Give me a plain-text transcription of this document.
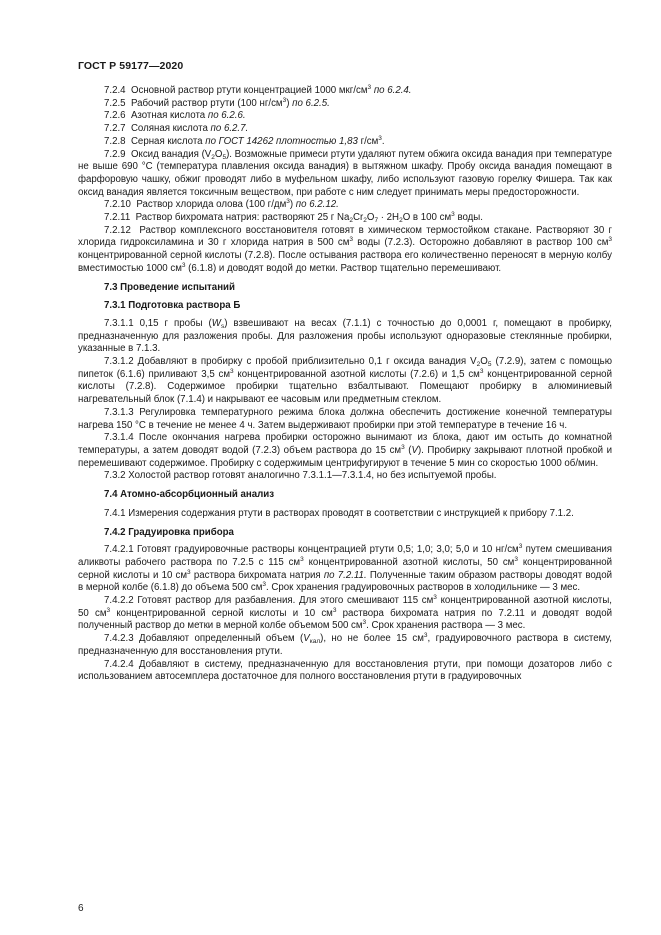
ГОСТ Р 59177—2020

7.2.4 Основной раствор ртути концентрацией 1000 мкг/$см^3$ по 6.2.4.

7.2.5 Рабочий раствор ртути (100 $нг/см^3$) по 6.2.5.

7.2.6 Азотная кислота по 6.2.6.

7.2.7 Соляная кислота по 6.2.7.

7.2.8 Серная кислота по ГОСТ 14262 плотностью 1,83 $г/см^3$.

7.2.9 Оксид ванадия $(V_2O_5)$. Возможные примеси ртути удаляют путем обжига оксида ванадия при температуре не выше 690 °С (температура плавления оксида ванадия) в вытяжном шкафу. Пробу оксида ванадия помещают в фарфоровую чашку, обжиг проводят либо в муфельном шкафу, либо используют газовую горелку Фишера. Так как оксид ванадия является токсичным веществом, при работе с ним следует принимать меры предосторожности.

7.2.10 Раствор хлорида олова (100 $г/дм^3$) по 6.2.12.

7.2.11 Раствор бихромата натрия: растворяют 25 г $Na_2Cr_2O_7 \cdot 2H_2O$ в 100 $см^3$ воды.

7.2.12 Раствор комплексного восстановителя готовят в химическом термостойком стакане. Растворяют 30 г хлорида гидроксиламина и 30 г хлорида натрия в 500 $см^3$ воды (7.2.3). Осторожно добавляют в раствор 100 $см^3$ концентрированной серной кислоты (7.2.8). После остывания раствора его количественно переносят в мерную колбу вместимостью 1000 $см^3$ (6.1.8) и доводят водой до метки. Раствор тщательно перемешивают.

7.3 Проведение испытаний

7.3.1 Подготовка раствора Б

7.3.1.1 0,15 г пробы $(W_s)$ взвешивают на весах (7.1.1) с точностью до 0,0001 г, помещают в пробирку, предназначенную для разложения пробы. Для разложения пробы используют одноразовые стеклянные пробирки, указанные в 7.1.3.

7.3.1.2 Добавляют в пробирку с пробой приблизительно 0,1 г оксида ванадия $V_2O_5$ (7.2.9), затем с помощью пипеток (6.1.6) приливают 3,5 $см^3$ концентрированной азотной кислоты (7.2.6) и 1,5 $см^3$ концентрированной серной кислоты (7.2.8). Содержимое пробирки тщательно взбалтывают. Помещают пробирку в алюминиевый нагревательный блок (7.1.4) и накрывают ее часовым или предметным стеклом.

7.3.1.3 Регулировка температурного режима блока должна обеспечить достижение конечной температуры нагрева 150 °С в течение не менее 4 ч. Затем выдерживают пробирки при этой температуре в течение 16 ч.

7.3.1.4 После окончания нагрева пробирки осторожно вынимают из блока, дают им остыть до комнатной температуры, а затем доводят водой (7.2.3) объем раствора до 15 $см^3$ (V). Пробирку закрывают плотной пробкой и перемешивают содержимое. Пробирку с содержимым центрифугируют в течение 5 мин со скоростью 1000 об/мин.

7.3.2 Холостой раствор готовят аналогично 7.3.1.1—7.3.1.4, но без испытуемой пробы.

7.4 Атомно-абсорбционный анализ

7.4.1 Измерения содержания ртути в растворах проводят в соответствии с инструкцией к прибору 7.1.2.

7.4.2 Градуировка прибора

7.4.2.1 Готовят градуировочные растворы концентрацией ртути 0,5; 1,0; 3,0; 5,0 и 10 $нг/см^3$ путем смешивания аликвоты рабочего раствора по 7.2.5 с 115 $см^3$ концентрированной азотной кислоты, 50 $см^3$ концентрированной серной кислоты и 10 $см^3$ раствора бихромата натрия по 7.2.11. Полученные таким образом растворы доводят водой в мерной колбе (6.1.8) до объема 500 $см^3$. Срок хранения градуировочных растворов в холодильнике — 3 мес.

7.4.2.2 Готовят раствор для разбавления. Для этого смешивают 115 $см^3$ концентрированной азотной кислоты, 50 $см^3$ концентрированной серной кислоты и 10 $см^3$ раствора бихромата натрия по 7.2.11 и доводят водой полученный раствор до метки в мерной колбе объемом 500 $см^3$. Срок хранения раствора — 3 мес.

7.4.2.3 Добавляют определенный объем $(V_{кал})$, но не более 15 $см^3$, градуировочного раствора в систему, предназначенную для восстановления ртути.

7.4.2.4 Добавляют в систему, предназначенную для восстановления ртути, при помощи дозаторов либо с использованием автосемплера достаточное для полного восстановления ртути в градуировочных

6
